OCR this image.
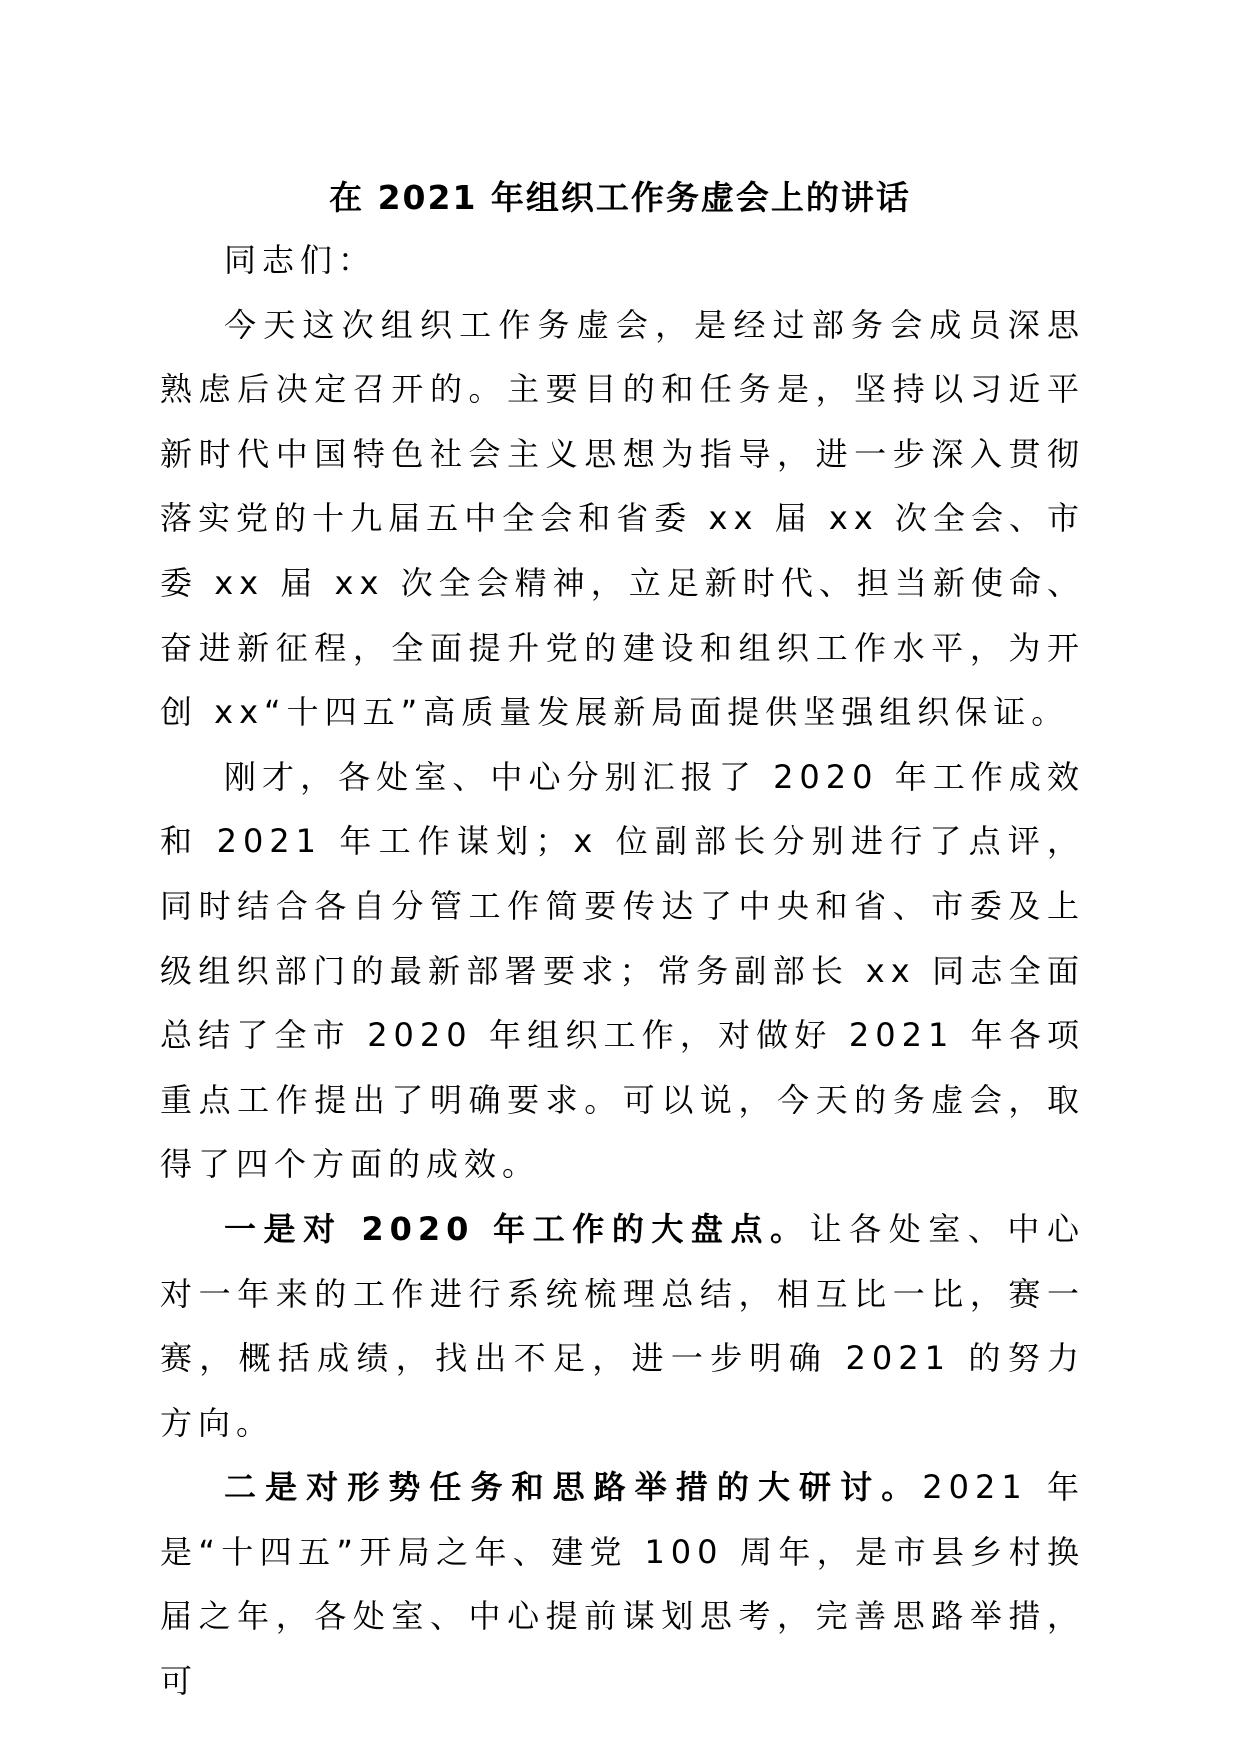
在 2021 年组织工作务虚会上的讲话

同志们：

今天这次组织工作务虚会，是经过部务会成员深思熟虑后决定召开的。主要目的和任务是，坚持以习近平新时代中国特色社会主义思想为指导，进一步深入贯彻落实党的十九届五中全会和省委 xx 届 xx 次全会、市委 xx 届 xx 次全会精神，立足新时代、担当新使命、奋进新征程，全面提升党的建设和组织工作水平，为开创 xx“十四五”高质量发展新局面提供坚强组织保证。

刚才，各处室、中心分别汇报了 2020 年工作成效和 2021 年工作谋划；x 位副部长分别进行了点评，同时结合各自分管工作简要传达了中央和省、市委及上级组织部门的最新部署要求；常务副部长 xx 同志全面总结了全市 2020 年组织工作，对做好 2021 年各项重点工作提出了明确要求。可以说，今天的务虚会，取得了四个方面的成效。

一是对 2020 年工作的大盘点。让各处室、中心对一年来的工作进行系统梳理总结，相互比一比，赛一赛，概括成绩，找出不足，进一步明确 2021 的努力方向。

二是对形势任务和思路举措的大研讨。2021 年是“十四五”开局之年、建党 100 周年，是市县乡村换届之年，各处室、中心提前谋划思考，完善思路举措，可
